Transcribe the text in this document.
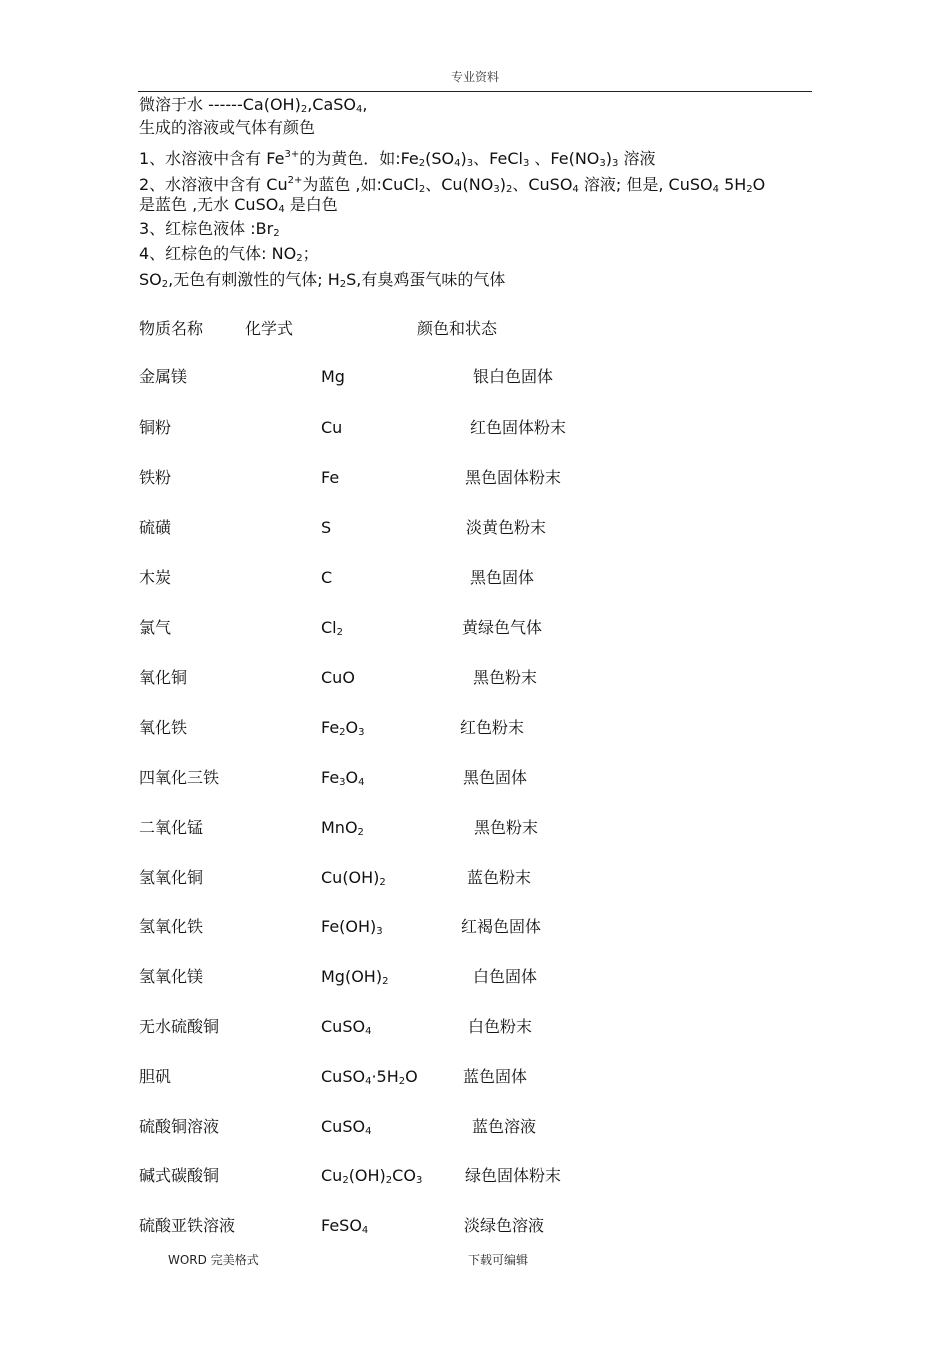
专业资料
微溶于水 $------Ca(OH)_2,CaSO_4$,
生成的溶液或气体有颜色
1、水溶液中含有 $Fe^{3+}$的为黄色．如$:Fe_2(SO_4)_3$、FeCl$_3$ 、$Fe(NO_3)_3$ 溶液
2、水溶液中含有 $Cu^{2+}$为蓝色 ,如:CuCl$_2$、$Cu(NO_3)_2$、CuSO$_4$ 溶液; 但是, CuSO$_4$ $5H_2O$
是蓝色 ,无水 CuSO$_4$ 是白色
3、红棕色液体 $:Br_2$
4、红棕色的气体: $NO_2$；
$SO_2$,无色有刺激性的气体; $H_2S$,有臭鸡蛋气味的气体
物质名称	化学式	颜色和状态
金属镁	Mg	银白色固体
铜粉	Cu	红色固体粉末
铁粉	Fe	黑色固体粉末
硫磺	S	淡黄色粉末
木炭	C	黑色固体
氯气	$Cl_2$	黄绿色气体
氧化铜	CuO	黑色粉末
氧化铁	$Fe_2O_3$	红色粉末
四氧化三铁	$Fe_3O_4$	黑色固体
二氧化锰	MnO$_2$	黑色粉末
氢氧化铜	$Cu(OH)_2$	蓝色粉末
氢氧化铁	$Fe(OH)_3$	红褐色固体
氢氧化镁	$Mg(OH)_2$	白色固体
无水硫酸铜	CuSO$_4$	白色粉末
胆矾	$CuSO_4\cdot 5H_2O$	蓝色固体
硫酸铜溶液	CuSO$_4$	蓝色溶液
碱式碳酸铜	$Cu_2(OH)_2CO_3$	绿色固体粉末
硫酸亚铁溶液	FeSO$_4$	淡绿色溶液
WORD 完美格式	下载可编辑
